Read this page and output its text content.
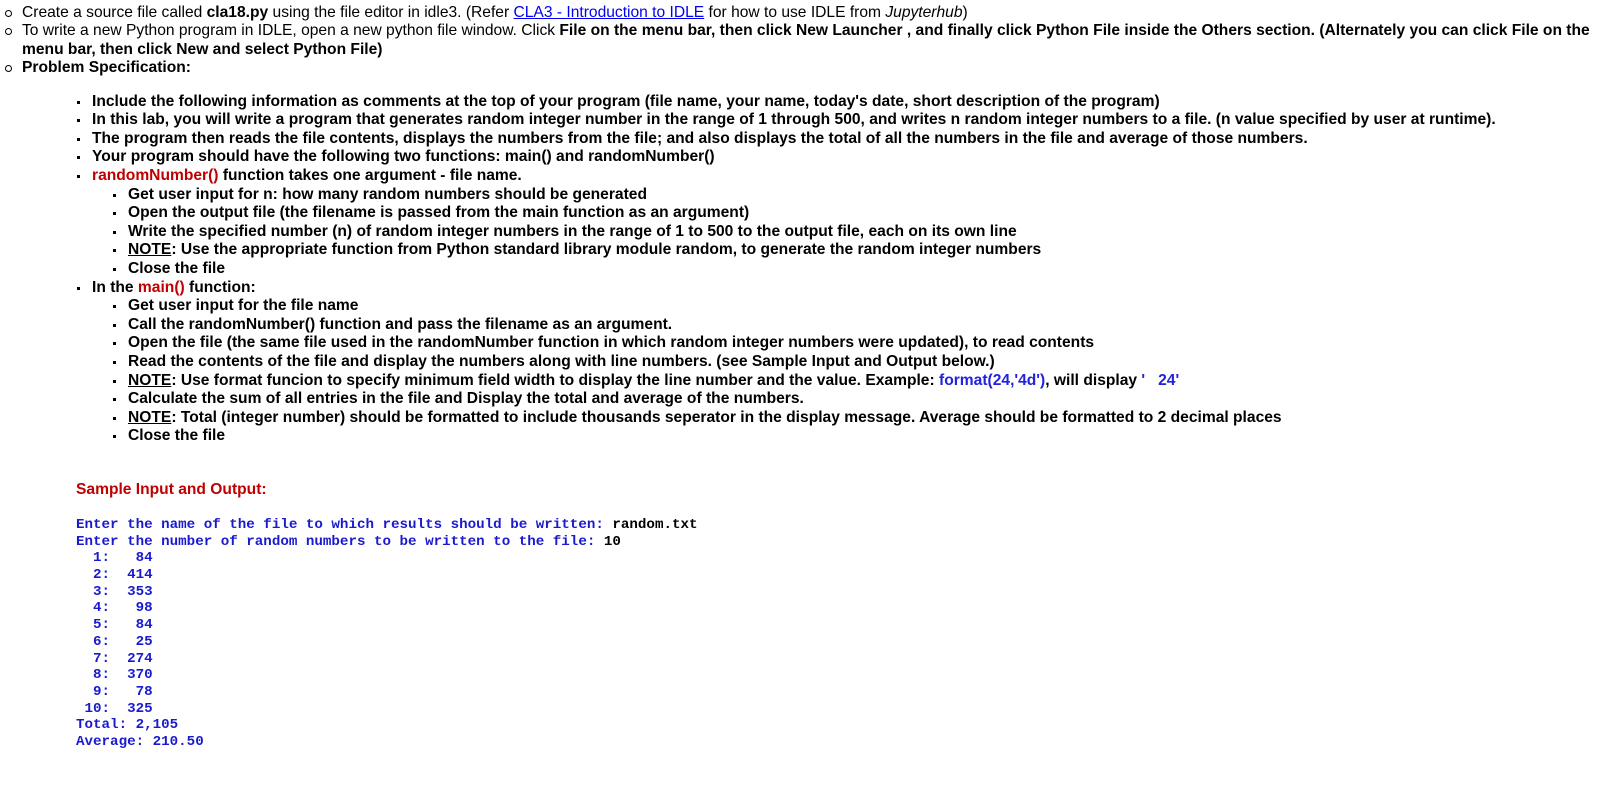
Create a source file called cla18.py using the file editor in idle3. (Refer CLA3 - Introduction to IDLE for how to use IDLE from Jupyterhub)
To write a new Python program in IDLE, open a new python file window. Click File on the menu bar, then click New Launcher , and finally click Python File inside the Others section. (Alternately you can click File on the menu bar, then click New and select Python File)
Problem Specification:
Include the following information as comments at the top of your program (file name, your name, today's date, short description of the program)
In this lab, you will write a program that generates random integer number in the range of 1 through 500, and writes n random integer numbers to a file. (n value specified by user at runtime).
The program then reads the file contents, displays the numbers from the file; and also displays the total of all the numbers in the file and average of those numbers.
Your program should have the following two functions: main() and randomNumber()
randomNumber() function takes one argument - file name.
Get user input for n: how many random numbers should be generated
Open the output file (the filename is passed from the main function as an argument)
Write the specified number (n) of random integer numbers in the range of 1 to 500 to the output file, each on its own line
NOTE: Use the appropriate function from Python standard library module random, to generate the random integer numbers
Close the file
In the main() function:
Get user input for the file name
Call the randomNumber() function and pass the filename as an argument.
Open the file (the same file used in the randomNumber function in which random integer numbers were updated), to read contents
Read the contents of the file and display the numbers along with line numbers. (see Sample Input and Output below.)
NOTE: Use format funcion to specify minimum field width to display the line number and the value. Example: format(24,'4d'), will display '   24'
Calculate the sum of all entries in the file and Display the total and average of the numbers.
NOTE: Total (integer number) should be formatted to include thousands seperator in the display message. Average should be formatted to 2 decimal places
Close the file
Sample Input and Output:
Enter the name of the file to which results should be written: random.txt
Enter the number of random numbers to be written to the file: 10
1:   84
2:  414
3:  353
4:   98
5:   84
6:   25
7:  274
8:  370
9:   78
10:  325
Total: 2,105
Average: 210.50
